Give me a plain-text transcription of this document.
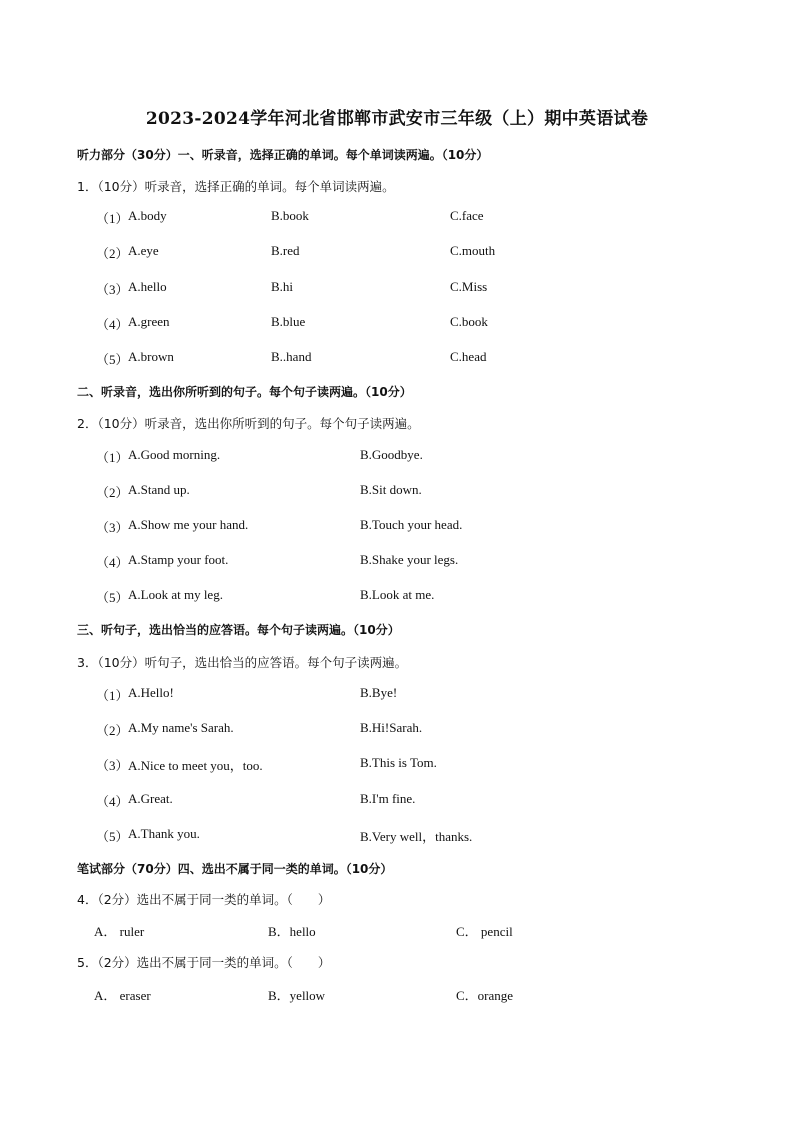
2023-2024学年河北省邯郸市武安市三年级（上）期中英语试卷
听力部分（30分）一、听录音，选择正确的单词。每个单词读两遍。（10分）
1．（10分）听录音，选择正确的单词。每个单词读两遍。
（1） A.body	B.book	C.face
（2） A.eye	B.red	C.mouth
（3） A.hello	B.hi	C.Miss
（4） A.green	B.blue	C.book
（5） A.brown	B..hand	C.head
二、听录音，选出你所听到的句子。每个句子读两遍。（10分）
2．（10分）听录音，选出你所听到的句子。每个句子读两遍。
（1） A.Good morning.	B.Goodbye.
（2） A.Stand up.	B.Sit down.
（3） A.Show me your hand.	B.Touch your head.
（4） A.Stamp your foot.	B.Shake your legs.
（5） A.Look at my leg.	B.Look at me.
三、听句子，选出恰当的应答语。每个句子读两遍。（10分）
3．（10分）听句子，选出恰当的应答语。每个句子读两遍。
（1） A.Hello!	B.Bye!
（2） A.My name's Sarah.	B.Hi!Sarah.
（3） A.Nice to meet you，too.	B.This is Tom.
（4） A.Great.	B.I'm fine.
（5） A.Thank you.	B.Very well，thanks.
笔试部分（70分）四、选出不属于同一类的单词。（10分）
4．（2分）选出不属于同一类的单词。（　　）
A． ruler	B．hello	C． pencil
5．（2分）选出不属于同一类的单词。（　　）
A． eraser	B．yellow	C．orange
